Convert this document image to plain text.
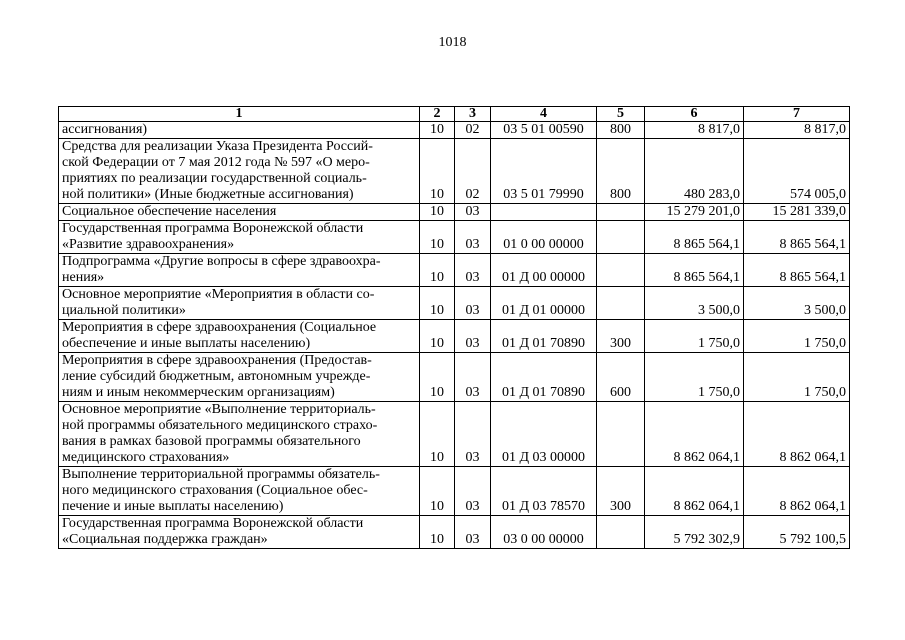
1018
1	2	3	4	5	6	7

ассигнования)	10	02	03 5 01 00590	800	8 817,0	8 817,0

Средства для реализации Указа Президента Россий-
ской Федерации от 7 мая 2012 года № 597 «О меро-
приятиях по реализации государственной социаль-
ной политики» (Иные бюджетные ассигнования)	10	02	03 5 01 79990	800	480 283,0	574 005,0

Социальное обеспечение населения	10	03			15 279 201,0	15 281 339,0

Государственная программа Воронежской области
«Развитие здравоохранения»	10	03	01 0 00 00000		8 865 564,1	8 865 564,1

Подпрограмма «Другие вопросы в сфере здравоохра-
нения»	10	03	01 Д 00 00000		8 865 564,1	8 865 564,1

Основное мероприятие «Мероприятия в области со-
циальной политики»	10	03	01 Д 01 00000		3 500,0	3 500,0

Мероприятия в сфере здравоохранения (Социальное
обеспечение и иные выплаты населению)	10	03	01 Д 01 70890	300	1 750,0	1 750,0

Мероприятия в сфере здравоохранения (Предостав-
ление субсидий бюджетным, автономным учрежде-
ниям и иным некоммерческим организациям)	10	03	01 Д 01 70890	600	1 750,0	1 750,0

Основное мероприятие «Выполнение территориаль-
ной программы обязательного медицинского страхо-
вания в рамках базовой программы обязательного
медицинского страхования»	10	03	01 Д 03 00000		8 862 064,1	8 862 064,1

Выполнение территориальной программы обязатель-
ного медицинского страхования (Социальное обес-
печение и иные выплаты населению)	10	03	01 Д 03 78570	300	8 862 064,1	8 862 064,1

Государственная программа Воронежской области
«Социальная поддержка граждан»	10	03	03 0 00 00000		5 792 302,9	5 792 100,5
